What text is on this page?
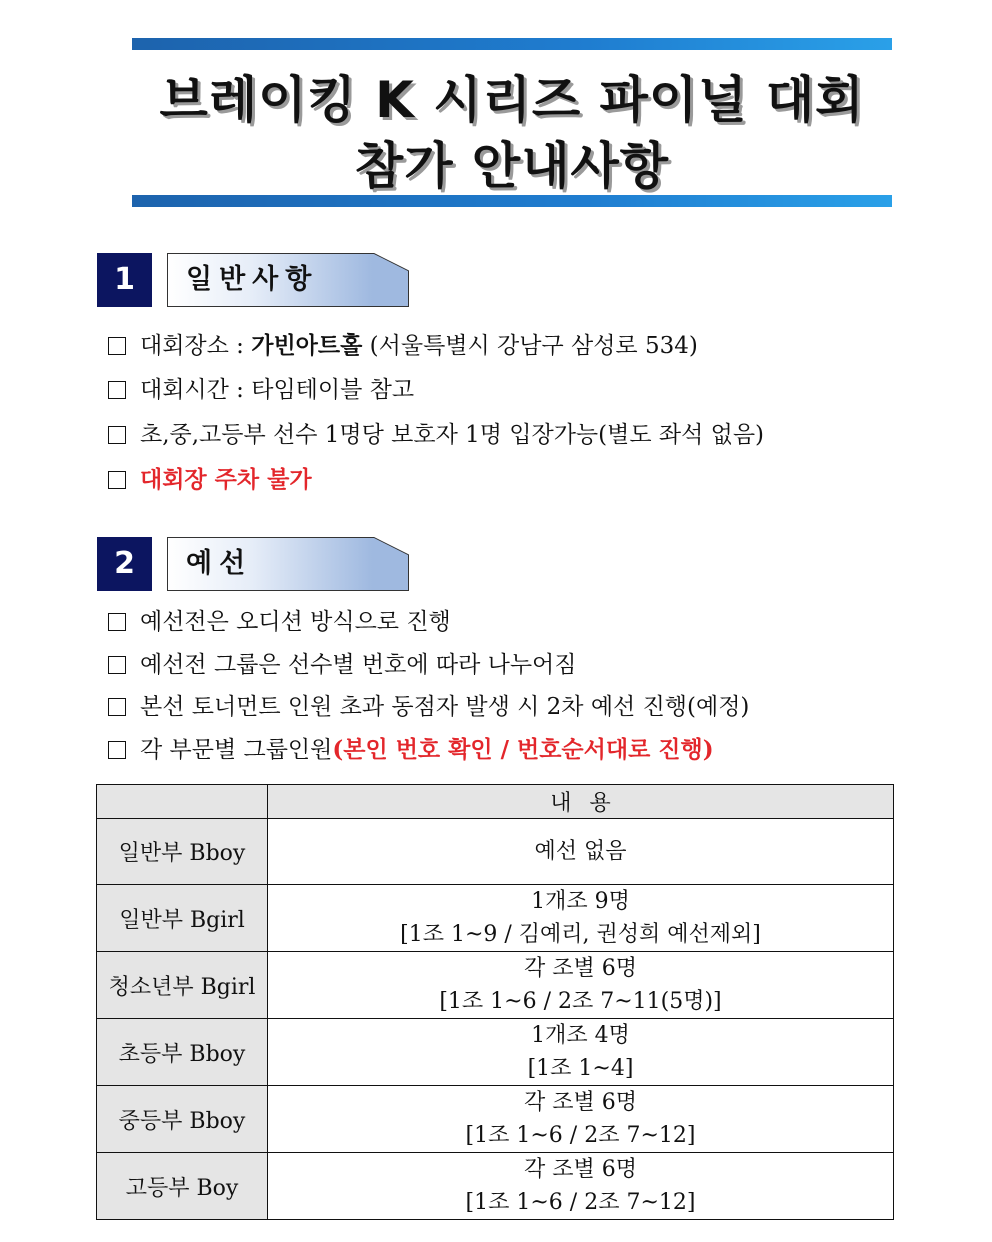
브레이킹 K 시리즈 파이널 대회
참가 안내사항
1	일반사항
대회장소 : 가빈아트홀 (서울특별시 강남구 삼성로 534)
대회시간 : 타임테이블 참고
초,중,고등부 선수 1명당 보호자 1명 입장가능(별도 좌석 없음)
대회장 주차 불가
2	예선
예선전은 오디션 방식으로 진행
예선전 그룹은 선수별 번호에 따라 나누어짐
본선 토너먼트 인원 초과 동점자 발생 시 2차 예선 진행(예정)
각 부문별 그룹인원(본인 번호 확인 / 번호순서대로 진행)
	내용
일반부 Bboy	예선 없음

일반부 Bgirl	1개조 9명
[1조 1~9 / 김예리, 권성희 예선제외]

청소년부 Bgirl	각 조별 6명
[1조 1~6 / 2조 7~11(5명)]

초등부 Bboy	1개조 4명
[1조 1~4]

중등부 Bboy	각 조별 6명
[1조 1~6 / 2조 7~12]

고등부 Boy	각 조별 6명
[1조 1~6 / 2조 7~12]
